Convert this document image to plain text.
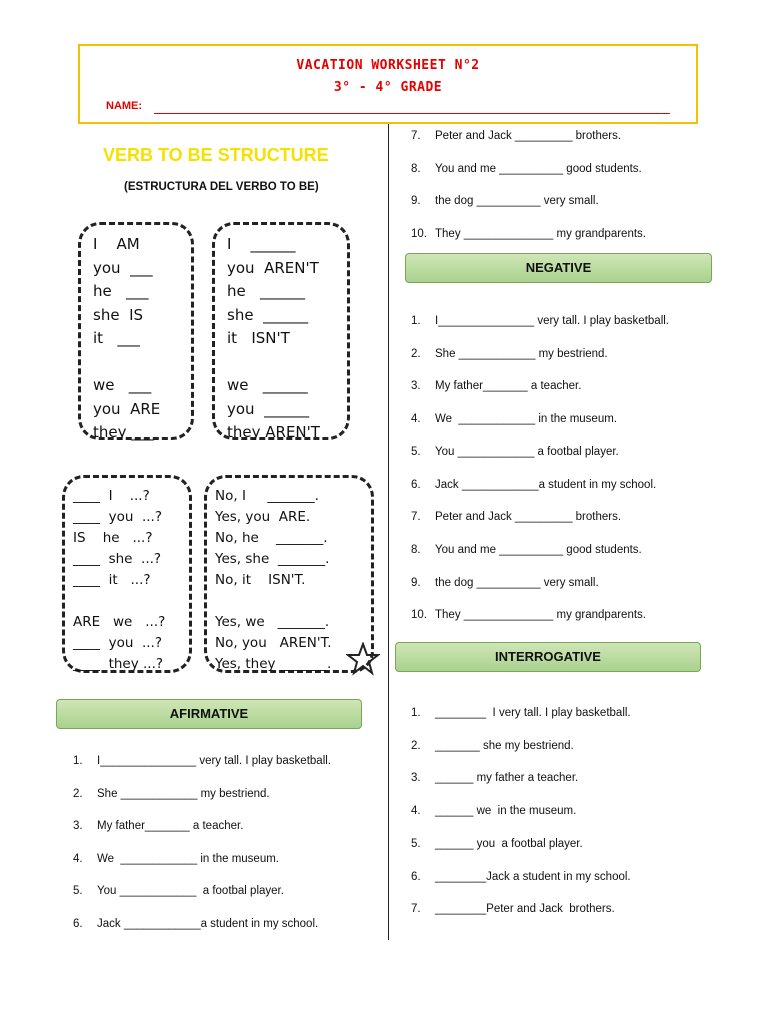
VACATION WORKSHEET N°2
3° - 4° GRADE
NAME:
VERB TO BE STRUCTURE
(ESTRUCTURA DEL VERBO TO BE)
I    AM
you  ___
he   ___
she  IS
it   ___
we   ___
you  ARE
they ___
I    ______
you  AREN'T
he   ______
she  ______
it   ISN'T
we   ______
you  ______
they AREN'T
____  I    ...?
____  you  ...?
IS    he   ...?
____  she  ...?
____  it   ...?
ARE   we   ...?
____  you  ...?
____  they ...?
No, I     _______.
Yes, you  ARE.
No, he    _______.
Yes, she  _______.
No, it    ISN'T.
Yes, we   _______.
No, you   AREN'T.
Yes, they _______.
AFIRMATIVE
NEGATIVE
INTERROGATIVE
1. I_______________ very tall. I play basketball.
2. She ____________ my bestriend.
3. My father_______ a teacher.
4. We  ____________ in the museum.
5. You ____________  a footbal player.
6. Jack ____________a student in my school.
7. Peter and Jack _________ brothers.
8. You and me __________ good students.
9. the dog __________ very small.
10. They ______________ my grandparents.
1. I_______________ very tall. I play basketball.
2. She ____________ my bestriend.
3. My father_______ a teacher.
4. We  ____________ in the museum.
5. You ____________ a footbal player.
6. Jack ____________a student in my school.
7. Peter and Jack _________ brothers.
8. You and me __________ good students.
9. the dog __________ very small.
10. They ______________ my grandparents.
1. ________  I very tall. I play basketball.
2. _______ she my bestriend.
3. ______ my father a teacher.
4. ______ we  in the museum.
5. ______ you  a footbal player.
6. ________Jack a student in my school.
7. ________Peter and Jack  brothers.
